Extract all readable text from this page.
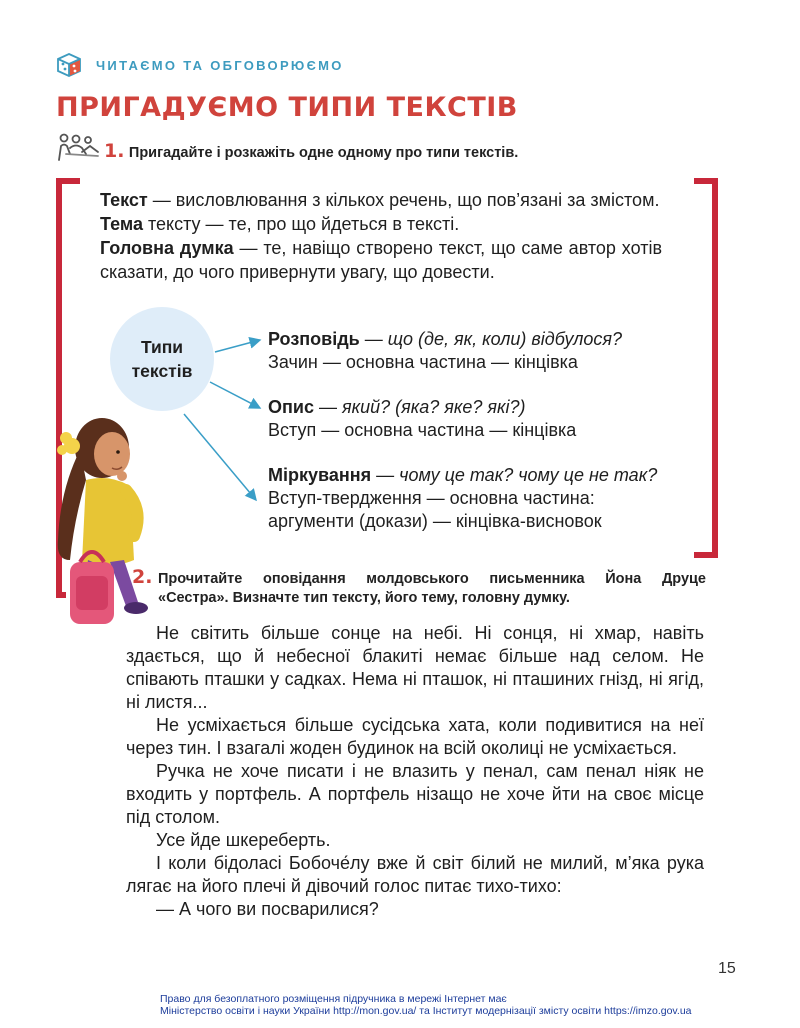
ЧИТАЄМО ТА ОБГОВОРЮЄМО
ПРИГАДУЄМО ТИПИ ТЕКСТІВ
1. Пригадайте і розкажіть одне одному про типи текстів.

Текст — висловлювання з кількох речень, що пов’язані за змістом.

Тема тексту — те, про що йдеться в тексті.

Головна думка — те, навіщо створено текст, що саме автор хотів сказати, до чого привернути увагу, що довести.

Типи
текстів
Розповідь — що (де, як, коли) відбулося?
Зачин — основна частина — кінцівка
Опис — який? (яка? яке? які?)
Вступ — основна частина — кінцівка
Міркування — чому це так? чому це не так?
Вступ-твердження — основна частина:
аргументи (докази) — кінцівка-висновок
2. Прочитайте оповідання молдовського письменника Йона Друце
«Сестра». Визначте тип тексту, його тему, головну думку.

Не світить більше сонце на небі. Ні сонця, ні хмар, навіть здається, що й небесної блакиті немає більше над селом. Не співають пташки у садках. Нема ні пташок, ні пташиних гнізд, ні ягід, ні листя...

Не усміхається більше сусідська хата, коли подивитися на неї через тин. І взагалі жоден будинок на всій околиці не усміхається.

Ручка не хоче писати і не влазить у пенал, сам пенал ніяк не входить у портфель. А портфель нізащо не хоче йти на своє місце під столом.

Усе йде шкереберть.

І коли бідоласі Бобоче́лу вже й світ білий не милий, м’яка рука лягає на його плечі й дівочий голос питає тихо-тихо:

— А чого ви посварилися?

15
Право для безоплатного розміщення підручника в мережі Інтернет має
Міністерство освіти і науки України http://mon.gov.ua/ та Інститут модернізації змісту освіти https://imzo.gov.ua
